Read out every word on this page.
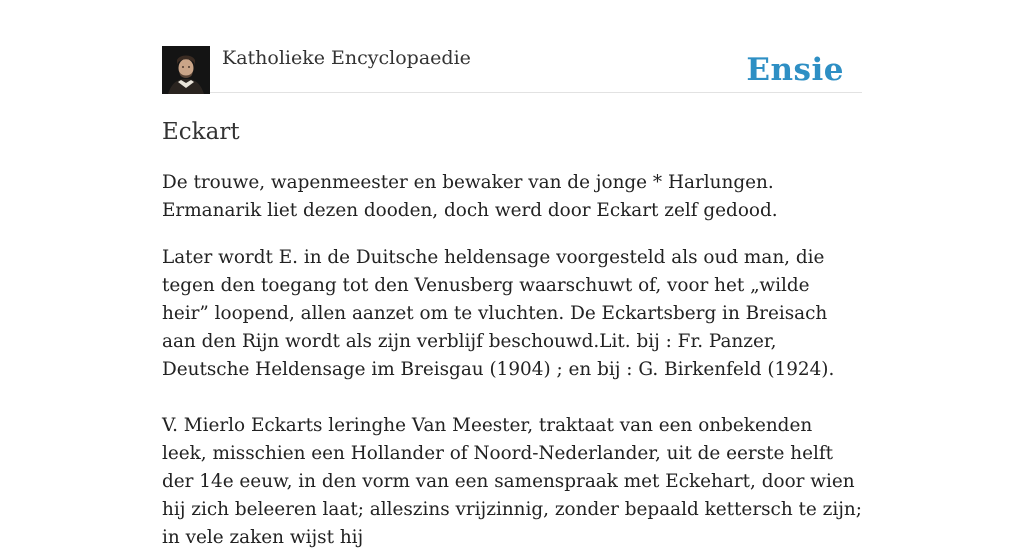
Katholieke Encyclopaedie	Ensie
Eckart

De trouwe, wapenmeester en bewaker van de jonge * Harlungen. Ermanarik liet dezen dooden, doch werd door Eckart zelf gedood.

Later wordt E. in de Duitsche heldensage voorgesteld als oud man, die tegen den toegang tot den Venusberg waarschuwt of, voor het „wilde heir” loopend, allen aanzet om te vluchten. De Eckartsberg in Breisach aan den Rijn wordt als zijn verblijf beschouwd.Lit. bij : Fr. Panzer, Deutsche Heldensage im Breisgau (1904) ; en bij : G. Birkenfeld (1924).

V. Mierlo Eckarts leringhe Van Meester, traktaat van een onbekenden leek, misschien een Hollander of Noord-Nederlander, uit de eerste helft der 14e eeuw, in den vorm van een samenspraak met Eckehart, door wien hij zich beleeren laat; alleszins vrijzinnig, zonder bepaald kettersch te zijn; in vele zaken wijst hij
